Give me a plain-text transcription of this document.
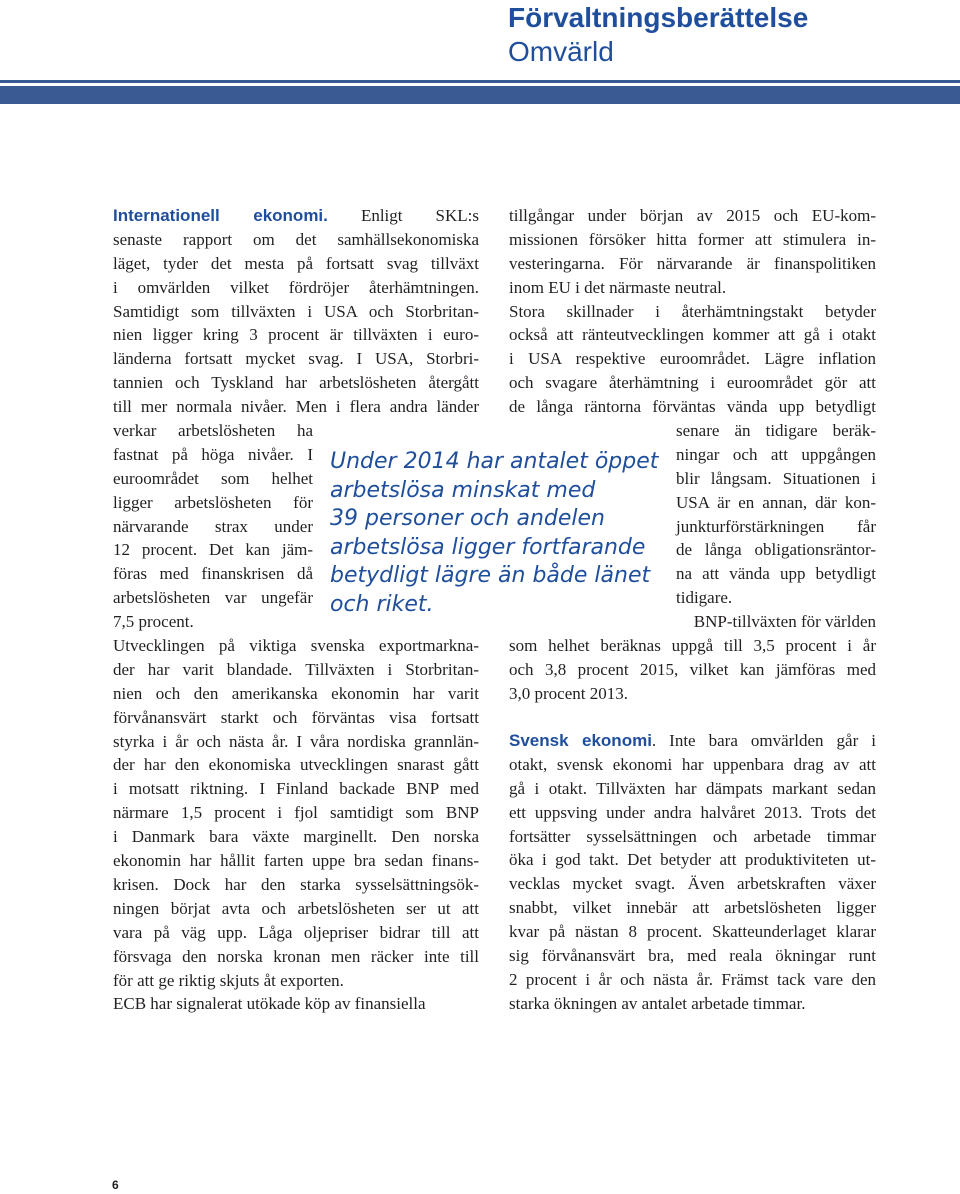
Förvaltningsberättelse
Omvärld
Internationell ekonomi. Enligt SKL:s
senaste rapport om det samhällsekonomiska
läget, tyder det mesta på fortsatt svag tillväxt
i omvärlden vilket fördröjer återhämtningen.
Samtidigt som tillväxten i USA och Storbritan-
nien ligger kring 3 procent är tillväxten i euro-
länderna fortsatt mycket svag. I USA, Storbri-
tannien och Tyskland har arbetslösheten återgått
till mer normala nivåer. Men i flera andra länder
verkar arbetslösheten ha
fastnat på höga nivåer. I
euroområdet som helhet
ligger arbetslösheten för
närvarande strax under
12 procent. Det kan jäm-
föras med finanskrisen då
arbetslösheten var ungefär
7,5 procent.
Utvecklingen på viktiga svenska exportmarkna-
der har varit blandade. Tillväxten i Storbritan-
nien och den amerikanska ekonomin har varit
förvånansvärt starkt och förväntas visa fortsatt
styrka i år och nästa år. I våra nordiska grannlän-
der har den ekonomiska utvecklingen snarast gått
i motsatt riktning. I Finland backade BNP med
närmare 1,5 procent i fjol samtidigt som BNP
i Danmark bara växte marginellt. Den norska
ekonomin har hållit farten uppe bra sedan finans-
krisen. Dock har den starka sysselsättningsök-
ningen börjat avta och arbetslösheten ser ut att
vara på väg upp. Låga oljepriser bidrar till att
försvaga den norska kronan men räcker inte till
för att ge riktig skjuts åt exporten.
ECB har signalerat utökade köp av finansiella
Under 2014 har antalet öppet
arbetslösa minskat med
39 personer och andelen
arbetslösa ligger fortfarande
betydligt lägre än både länet
och riket.
tillgångar under början av 2015 och EU-kom-
missionen försöker hitta former att stimulera in-
vesteringarna. För närvarande är finanspolitiken
inom EU i det närmaste neutral.
Stora skillnader i återhämtningstakt betyder
också att ränteutvecklingen kommer att gå i otakt
i USA respektive euroområdet. Lägre inflation
och svagare återhämtning i euroområdet gör att
de långa räntorna förväntas vända upp betydligt
senare än tidigare beräk-
ningar och att uppgången
blir långsam. Situationen i
USA är en annan, där kon-
junkturförstärkningen får
de långa obligationsräntor-
na att vända upp betydligt
tidigare.
BNP-tillväxten för världen
som helhet beräknas uppgå till 3,5 procent i år
och 3,8 procent 2015, vilket kan jämföras med
3,0 procent 2013.
Svensk ekonomi. Inte bara omvärlden går i
otakt, svensk ekonomi har uppenbara drag av att
gå i otakt. Tillväxten har dämpats markant sedan
ett uppsving under andra halvåret 2013. Trots det
fortsätter sysselsättningen och arbetade timmar
öka i god takt. Det betyder att produktiviteten ut-
vecklas mycket svagt. Även arbetskraften växer
snabbt, vilket innebär att arbetslösheten ligger
kvar på nästan 8 procent. Skatteunderlaget klarar
sig förvånansvärt bra, med reala ökningar runt
2 procent i år och nästa år. Främst tack vare den
starka ökningen av antalet arbetade timmar.
6
